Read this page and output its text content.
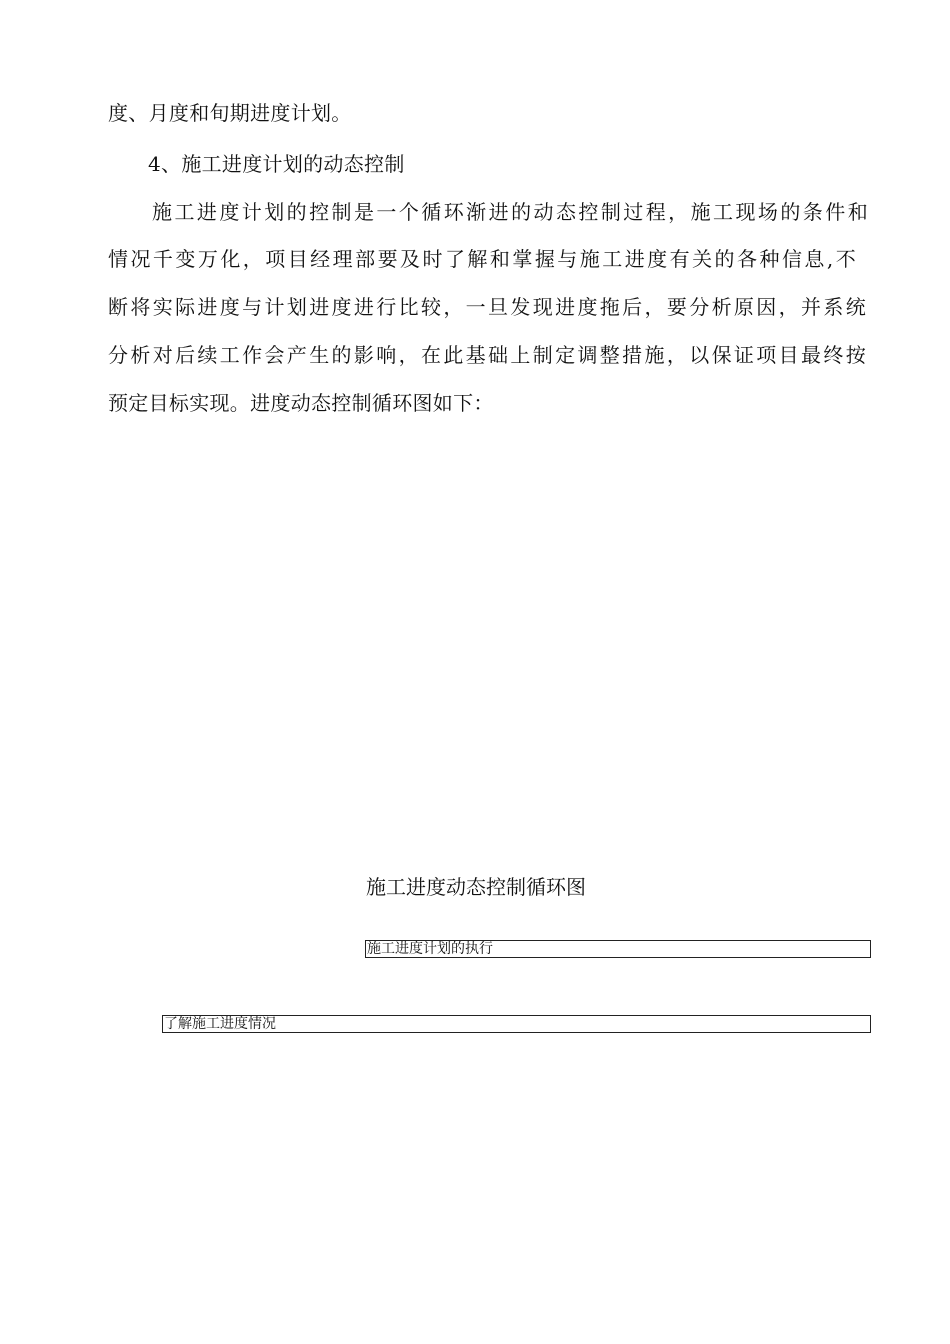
度、月度和旬期进度计划。
4、施工进度计划的动态控制
施工进度计划的控制是一个循环渐进的动态控制过程，施工现场的条件和
情况千变万化，项目经理部要及时了解和掌握与施工进度有关的各种信息,不
断将实际进度与计划进度进行比较，一旦发现进度拖后，要分析原因，并系统
分析对后续工作会产生的影响，在此基础上制定调整措施，以保证项目最终按
预定目标实现。进度动态控制循环图如下：
施工进度动态控制循环图
施工进度计划的执行
了解施工进度情况
